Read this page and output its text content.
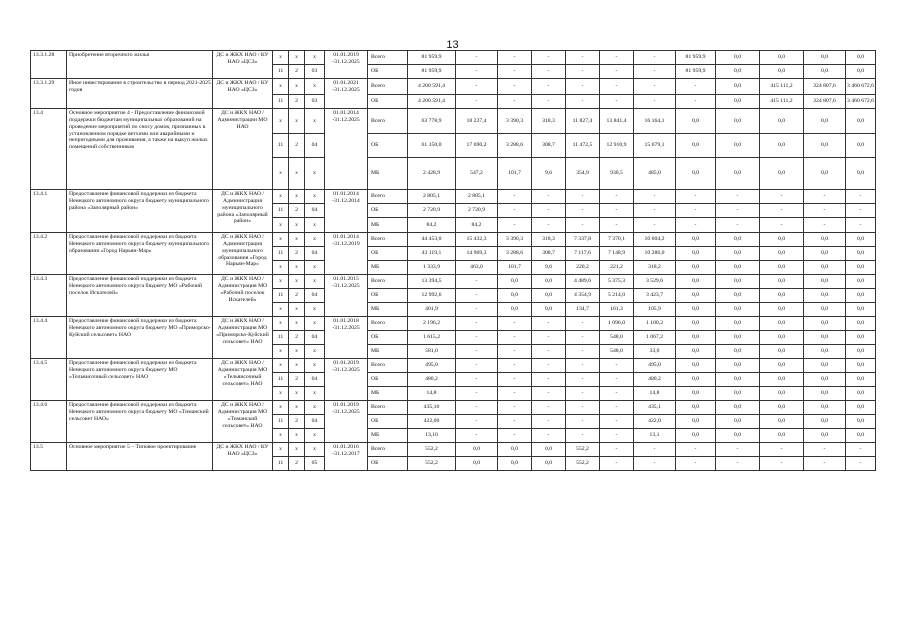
13
13.3.1.28	Приобретение вторичного жилья	ДС и ЖКХ НАО / КУ НАО «ЦСЗ»	x	x	x	01.01.2019 -31.12.2025	Всего	81 959,9	-	-	-	-	-	-	81 959,9	0,0	0,0	0,0	0,0
			11	2	03		ОБ	81 959,9	-	-	-	-	-	-	81 959,9	0,0	0,0	0,0	0,0
13.3.1.29	Иное инвестирование в строительство в период 2021-2025 годов	ДС и ЖКХ НАО / КУ НАО «ЦСЗ»	x	x	x	01.01.2021 -31.12.2025	Всего	4 200 591,4	-	-	-	-	-	-	-	0,0	415 111,2	324 807,6	3 460 672,6
			11	2	03		ОБ	4 200 591,4	-	-	-	-	-	-	-	0,0	415 111,2	324 807,6	3 460 672,6
13.4	Основное мероприятие 4 - Предоставление финансовой поддержки бюджетам муниципальных образований на проведение мероприятий по сносу домов, признанных в установленном порядке ветхими или аварийными и непригодными для проживания, а также на выкуп жилых помещений собственников	ДС и ЖКХ НАО / Администрации МО НАО	x	x	x	01.01.2014 -31.12.2025	Всего	63 778,9	18 237,4	3 390,3	318,3	11 827,4	13 841,4	16 164,1	0,0	0,0	0,0	0,0	0,0
			11	2	04		ОБ	61 350,0	17 690,2	3 288,6	308,7	11 472,5	12 910,9	15 679,1	0,0	0,0	0,0	0,0	0,0
			x	x	x		МБ	2 428,9	547,2	101,7	9,6	354,9	930,5	485,0	0,0	0,0	0,0	0,0	0,0
13.4.1	Предоставление финансовой поддержки из бюджета Ненецкого автономного округа бюджету муниципального района «Заполярный район»	ДС и ЖКХ НАО / Администрация муниципального района «Заполярный район»	x	x	x	01.01.2014 -31.12.2014	Всего	2 805,1	2 805,1	-	-	-	-	-	-	-	-	-	-
			11	2	04		ОБ	2 720,9	2 720,9	-	-	-	-	-	-	-	-	-	-
			x	x	x		МБ	84,2	84,2	-	-	-	-	-	-	-	-	-	-
13.4.2	Предоставление финансовой поддержки из бюджета Ненецкого автономного округа бюджету муниципального образования «Город Нарьян-Мар»	ДС и ЖКХ НАО / Администрация муниципального образования «Город Нарьян-Мар»	x	x	x	01.01.2014 -31.12.2019	Всего	44 453,0	15 432,3	3 390,3	318,3	7 337,8	7 370,1	10 604,2	0,0	0,0	0,0	0,0	0,0
			11	2	04		ОБ	43 119,1	14 969,3	3 288,6	308,7	7 117,6	7 148,9	10 286,0	0,0	0,0	0,0	0,0	0,0
			x	x	x		МБ	1 333,9	463,0	101,7	9,6	220,2	221,2	318,2	0,0	0,0	0,0	0,0	0,0
13.4.3	Предоставление финансовой поддержки из бюджета Ненецкого автономного округа бюджету МО «Рабочий поселок Искателей»	ДС и ЖКХ НАО / Администрация МО «Рабочий поселок Искателей»	x	x	x	01.01.2015 -31.12.2025	Всего	13 394,5	-	0,0	0,0	4 489,6	5 375,3	3 529,6	0,0	0,0	0,0	0,0	0,0
			11	2	04		ОБ	12 992,6	-	0,0	0,0	4 354,9	5 214,0	3 423,7	0,0	0,0	0,0	0,0	0,0
			x	x	x		МБ	401,9	-	0,0	0,0	134,7	161,3	105,9	0,0	0,0	0,0	0,0	0,0
13.4.4	Предоставление финансовой поддержки из бюджета Ненецкого автономного округа бюджету МО «Приморско-Куйский сельсовет» НАО	ДС и ЖКХ НАО /Администрация МО «Приморско-Куйский сельсовет» НАО	x	x	x	01.01.2018 -31.12.2025	Всего	2 196,2	-	-	-	-	1 096,0	1 100,2	0,0	0,0	0,0	0,0	0,0
			11	2	04		ОБ	1 615,2	-	-	-	-	548,0	1 067,2	0,0	0,0	0,0	0,0	0,0
			x	x	x		МБ	581,0	-	-	-	-	548,0	33,0	0,0	0,0	0,0	0,0	0,0
13.4.5	Предоставление финансовой поддержки из бюджета Ненецкого автономного округа бюджету МО «Тельвисочный сельсовет» НАО	ДС и ЖКХ НАО /Администрация МО «Тельвисочный сельсовет» НАО	x	x	x	01.01.2019 -31.12.2025	Всего	495,0	-	-	-	-	-	495,0	0,0	0,0	0,0	0,0	0,0
			11	2	04		ОБ	480,2	-	-	-	-	-	480,2	0,0	0,0	0,0	0,0	0,0
			x	x	x		МБ	14,8	-	-	-	-	-	14,8	0,0	0,0	0,0	0,0	0,0
13.4.6	Предоставление финансовой поддержки из бюджета Ненецкого автономного округа бюджету МО «Тиманский сельсовет НАО»	ДС и ЖКХ НАО /Администрация МО «Тиманский сельсовет» НАО	x	x	x	01.01.2019 -31.12.2025	Всего	435,10	-	-	-	-	-	435,1	0,0	0,0	0,0	0,0	0,0
			11	2	04		ОБ	422,00	-	-	-	-	-	422,0	0,0	0,0	0,0	0,0	0,0
			x	x	x		МБ	13,10	-	-	-	-	-	13,1	0,0	0,0	0,0	0,0	0,0
13.5	Основное мероприятие 5 – Типовое проектирование	ДС и ЖКХ НАО / КУ НАО «ЦСЗ»	x	x	x	01.01.2016 -31.12.2017	Всего	552,2	0,0	0,0	0,0	552,2	-	-	-	-	-	-	-
			11	2	05		ОБ	552,2	0,0	0,0	0,0	552,2	-	-	-	-	-	-	-
